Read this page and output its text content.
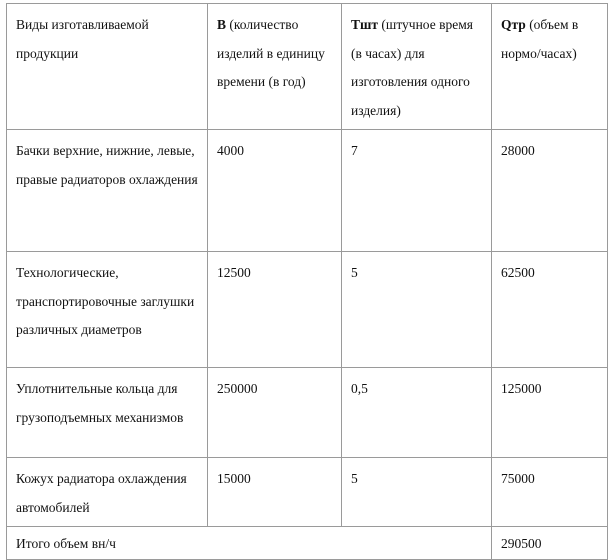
Виды изготавливаемой продукции	В (количество изделий в единицу времени (в год)	Тшт (штучное время (в часах) для изготовления одного изделия)	Qтр (объем в нормо/часах)
Бачки верхние, нижние, левые, правые радиаторов охлаждения	4000	7	28000
Технологические, транспортировочные заглушки различных диаметров	12500	5	62500
Уплотнительные кольца для грузоподъемных механизмов	250000	0,5	125000
Кожух радиатора охлаждения автомобилей	15000	5	75000
Итого объем вн/ч			290500
